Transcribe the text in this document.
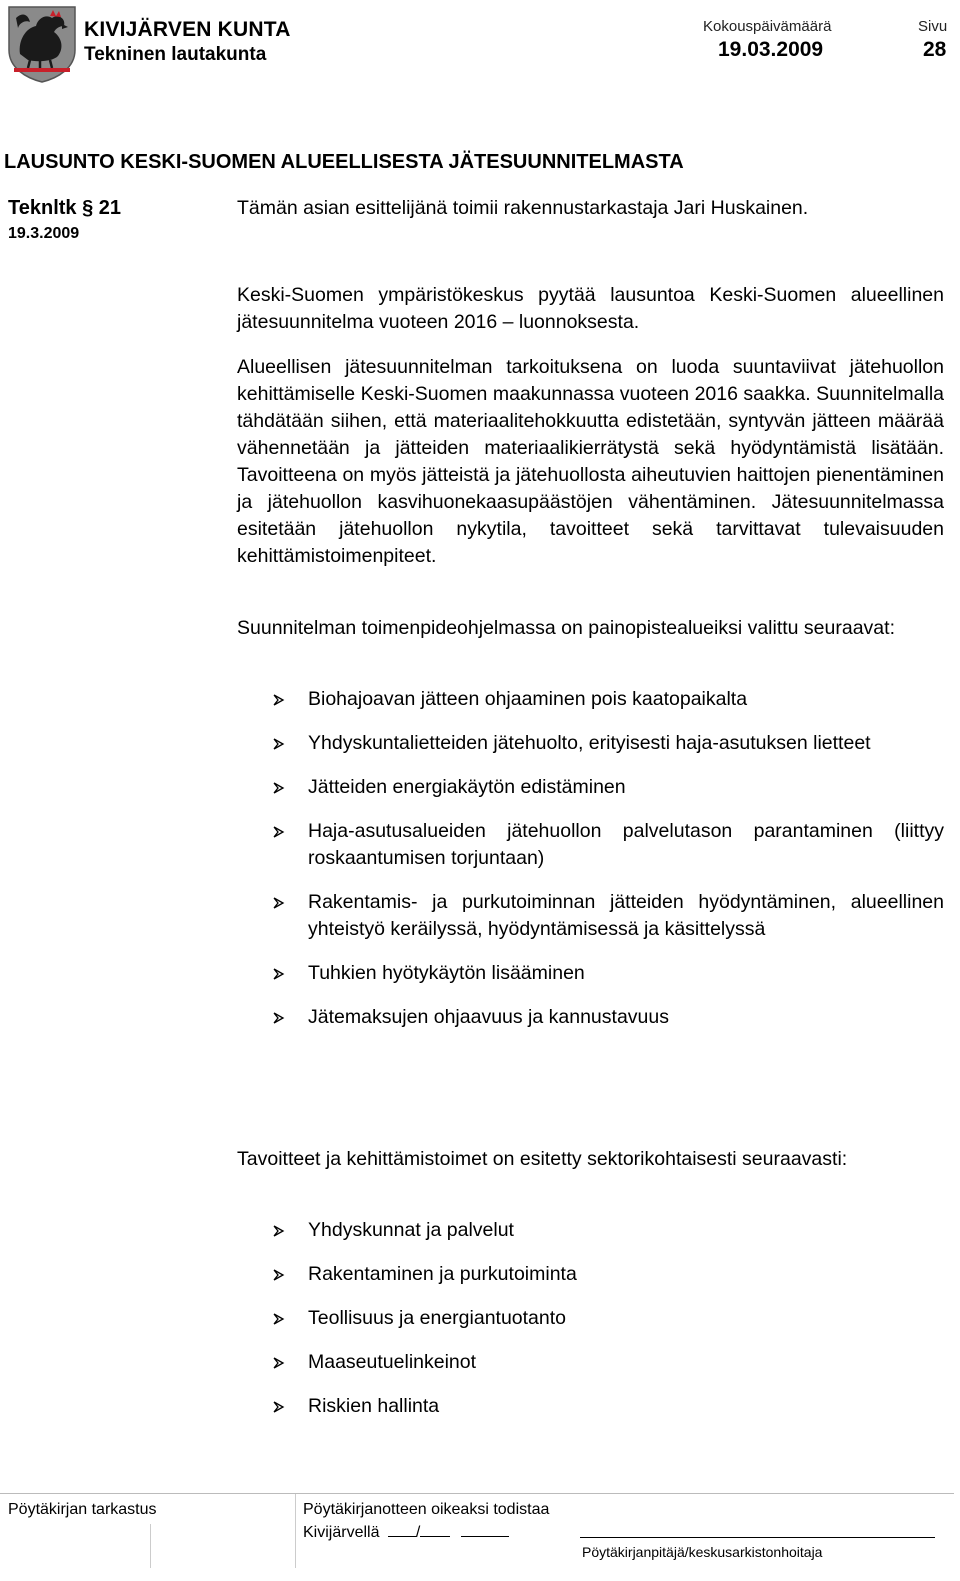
KIVIJÄRVEN KUNTA
Tekninen lautakunta
Kokouspäivämäärä
19.03.2009
Sivu
28
LAUSUNTO KESKI-SUOMEN ALUEELLISESTA JÄTESUUNNITELMASTA
Teknltk § 21
19.3.2009
Tämän asian esittelijänä toimii rakennustarkastaja Jari Huskainen.

Keski-Suomen ympäristökeskus pyytää lausuntoa Keski-Suomen alueellinen jätesuunnitelma vuoteen 2016 – luonnoksesta.

Alueellisen jätesuunnitelman tarkoituksena on luoda suuntaviivat jätehuollon kehittämiselle Keski-Suomen maakunnassa vuoteen 2016 saakka. Suunnitelmalla tähdätään siihen, että materiaalitehokkuutta edistetään, syntyvän jätteen määrää vähennetään ja jätteiden materiaalikierrätystä sekä hyödyntämistä lisätään. Tavoitteena on myös jätteistä ja jätehuollosta aiheutuvien haittojen pienentäminen ja jätehuollon kasvihuonekaasupäästöjen vähentäminen. Jätesuunnitelmassa esitetään jätehuollon nykytila, tavoitteet sekä tarvittavat tulevaisuuden kehittämistoimenpiteet.

Suunnitelman toimenpideohjelmassa on painopistealueiksi valittu seuraavat:

Biohajoavan jätteen ohjaaminen pois kaatopaikalta
Yhdyskuntalietteiden jätehuolto, erityisesti haja-asutuksen lietteet
Jätteiden energiakäytön edistäminen
Haja-asutusalueiden jätehuollon palvelutason parantaminen (liittyy roskaantumisen torjuntaan)
Rakentamis- ja purkutoiminnan jätteiden hyödyntäminen, alueellinen yhteistyö keräilyssä, hyödyntämisessä ja käsittelyssä
Tuhkien hyötykäytön lisääminen
Jätemaksujen ohjaavuus ja kannustavuus

Tavoitteet ja kehittämistoimet on esitetty sektorikohtaisesti seuraavasti:

Yhdyskunnat ja palvelut
Rakentaminen ja purkutoiminta
Teollisuus ja energiantuotanto
Maaseutuelinkeinot
Riskien hallinta
Pöytäkirjan tarkastus	Pöytäkirjanotteen oikeaksi todistaa
Kivijärvellä /
Pöytäkirjanpitäjä/keskusarkistonhoitaja
